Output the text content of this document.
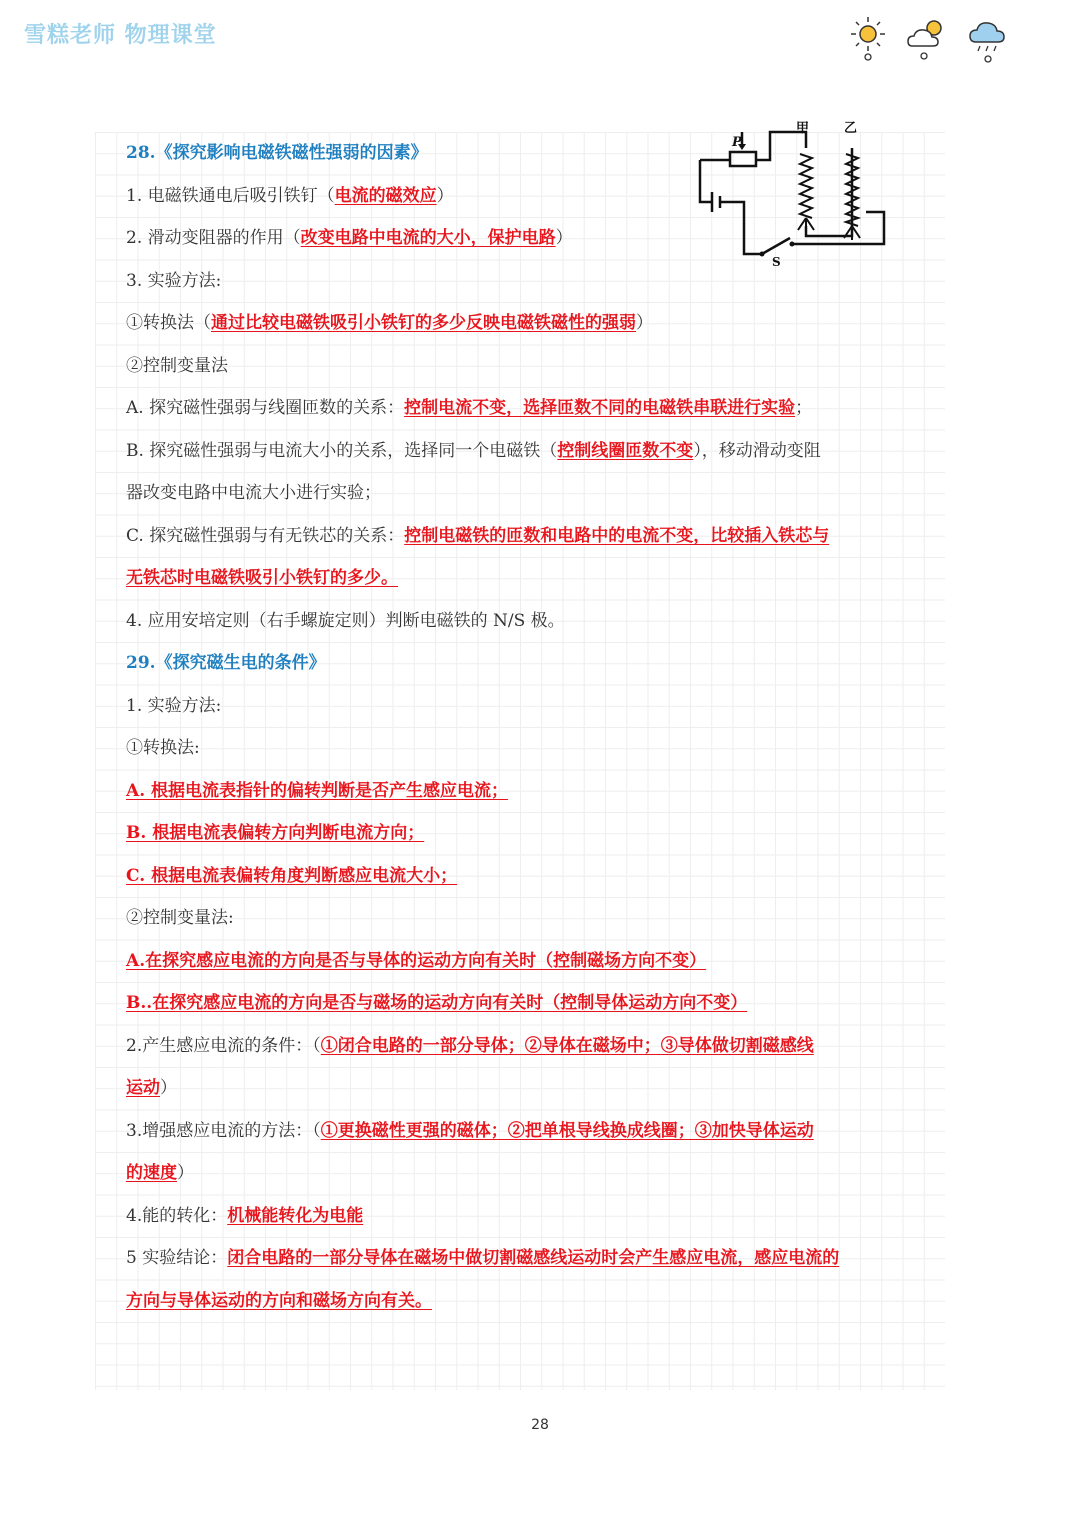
雪糕老师 物理课堂
P
甲	乙
S
28.《探究影响电磁铁磁性强弱的因素》
1. 电磁铁通电后吸引铁钉（电流的磁效应）
2. 滑动变阻器的作用（改变电路中电流的大小，保护电路）
3. 实验方法:
①转换法（通过比较电磁铁吸引小铁钉的多少反映电磁铁磁性的强弱）
②控制变量法
A. 探究磁性强弱与线圈匝数的关系：控制电流不变，选择匝数不同的电磁铁串联进行实验；
B. 探究磁性强弱与电流大小的关系，选择同一个电磁铁（控制线圈匝数不变），移动滑动变阻
器改变电路中电流大小进行实验；
C. 探究磁性强弱与有无铁芯的关系：控制电磁铁的匝数和电路中的电流不变，比较插入铁芯与
无铁芯时电磁铁吸引小铁钉的多少。
4. 应用安培定则（右手螺旋定则）判断电磁铁的 N/S 极。
29.《探究磁生电的条件》
1. 实验方法:
①转换法:
A. 根据电流表指针的偏转判断是否产生感应电流；
B. 根据电流表偏转方向判断电流方向；
C. 根据电流表偏转角度判断感应电流大小；
②控制变量法:
A.在探究感应电流的方向是否与导体的运动方向有关时（控制磁场方向不变）
B..在探究感应电流的方向是否与磁场的运动方向有关时（控制导体运动方向不变）
2.产生感应电流的条件：（①闭合电路的一部分导体；②导体在磁场中；③导体做切割磁感线
运动）
3.增强感应电流的方法：（①更换磁性更强的磁体；②把单根导线换成线圈；③加快导体运动
的速度）
4.能的转化：机械能转化为电能
5 实验结论：闭合电路的一部分导体在磁场中做切割磁感线运动时会产生感应电流，感应电流的
方向与导体运动的方向和磁场方向有关。
28
